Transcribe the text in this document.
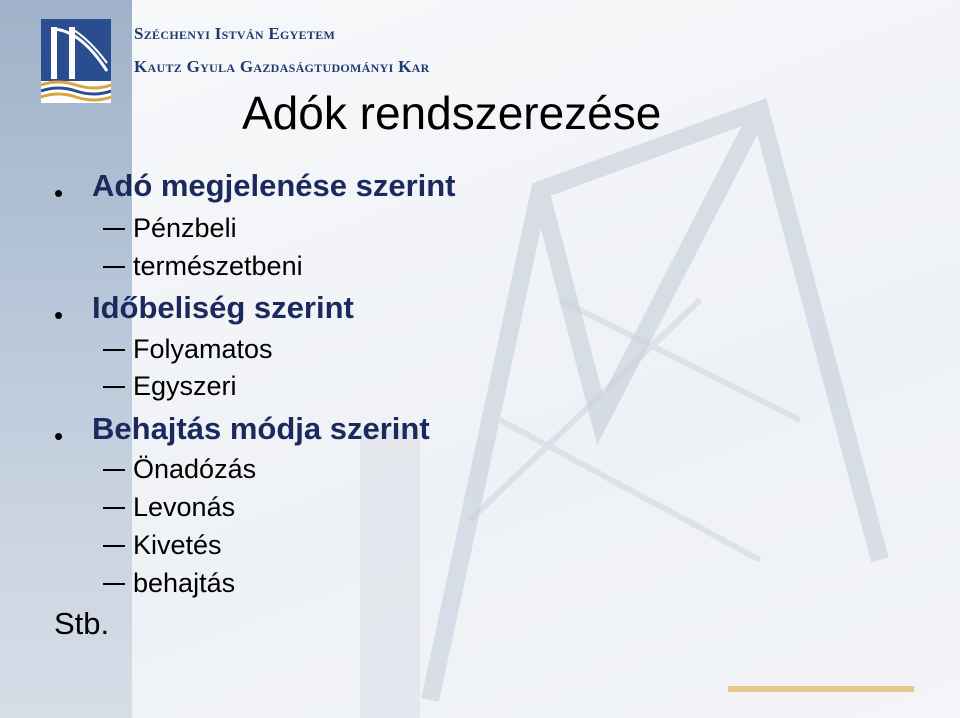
Széchenyi István Egyetem
Kautz Gyula Gazdaságtudományi Kar
Adók rendszerezése
• Adó megjelenése szerint
Pénzbeli
természetbeni
• Időbeliség szerint
Folyamatos
Egyszeri
• Behajtás módja szerint
Önadózás
Levonás
Kivetés
behajtás
Stb.
